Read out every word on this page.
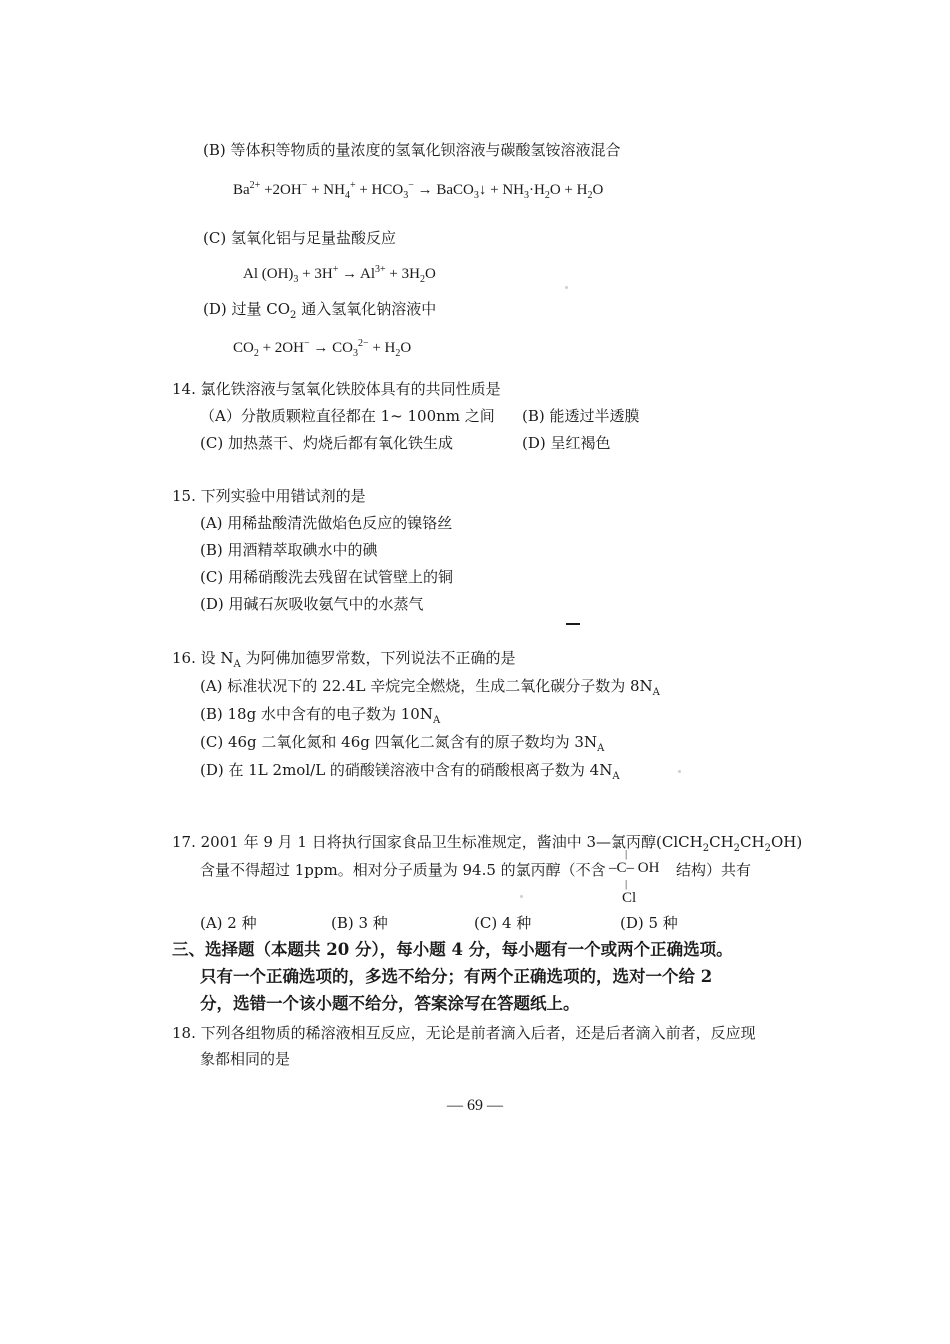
(B) 等体积等物质的量浓度的氢氧化钡溶液与碳酸氢铵溶液混合
$Ba^{2+} +2OH^- + NH_4^+ + HCO_3^-$ → BaCO$_3$↓ + $NH_3\cdot H_2O + H_2O$
(C) 氢氧化铝与足量盐酸反应
Al $(OH)_3 + 3H^+ \to Al^{3+} + 3H_2O$
(D) 过量 $CO_2$ 通入氢氧化钠溶液中
$CO_2 + 2OH^- \to CO_3^{2-} + H_2O$
14. 氯化铁溶液与氢氧化铁胶体具有的共同性质是
（A）分散质颗粒直径都在 1~ 100nm 之间 (B) 能透过半透膜
(C) 加热蒸干、灼烧后都有氧化铁生成	(D) 呈红褐色
15. 下列实验中用错试剂的是
(A) 用稀盐酸清洗做焰色反应的镍铬丝
(B) 用酒精萃取碘水中的碘
(C) 用稀硝酸洗去残留在试管壁上的铜
(D) 用碱石灰吸收氨气中的水蒸气
16. 设 $N_A$ 为阿佛加德罗常数，下列说法不正确的是
(A) 标准状况下的 22.4L 辛烷完全燃烧，生成二氧化碳分子数为 $8N_A$
(B) 18g 水中含有的电子数为 $10N_A$
(C) 46g 二氧化氮和 46g 四氧化二氮含有的原子数均为 $3N_A$
(D) 在 1L 2mol/L 的硝酸镁溶液中含有的硝酸根离子数为 $4N_A$
17. 2001 年 9 月 1 日将执行国家食品卫生标准规定，酱油中 3—氯丙醇$(ClCH_2CH_2CH_2OH)$
含量不得超过 1ppm。相对分子质量为 94.5 的氯丙醇（不含
|
–C– OH
|
Cl
结构）共有
(A) 2 种	(B) 3 种	(C) 4 种	(D) 5 种
三、选择题（本题共 20 分），每小题 4 分，每小题有一个或两个正确选项。
只有一个正确选项的，多选不给分；有两个正确选项的，选对一个给 2
分，选错一个该小题不给分，答案涂写在答题纸上。
18. 下列各组物质的稀溶液相互反应，无论是前者滴入后者，还是后者滴入前者，反应现
象都相同的是
— 69 —
